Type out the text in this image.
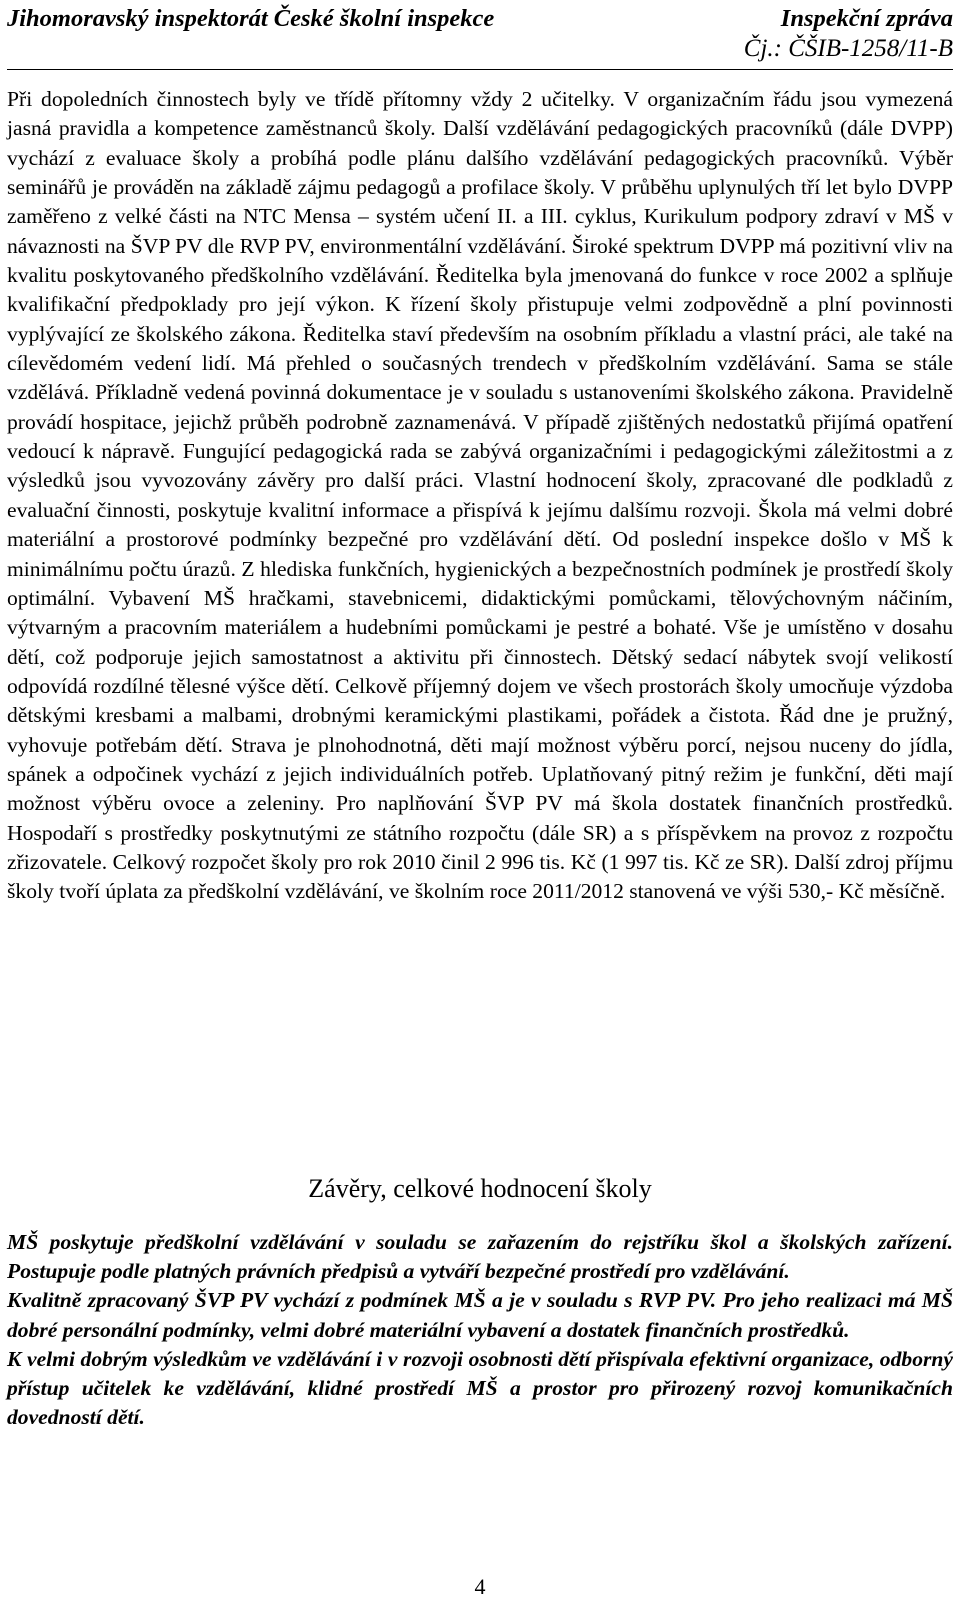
Jihomoravský inspektorát České školní inspekce	Inspekční zpráva
Čj.: ČŠIB-1258/11-B

Při dopoledních činnostech byly ve třídě přítomny vždy 2 učitelky. V organizačním řádu jsou vymezená jasná pravidla a kompetence zaměstnanců školy. Další vzdělávání pedagogických pracovníků (dále DVPP) vychází z evaluace školy a probíhá podle plánu dalšího vzdělávání pedagogických pracovníků. Výběr seminářů je prováděn na základě zájmu pedagogů a profilace školy. V průběhu uplynulých tří let bylo DVPP zaměřeno z velké části na NTC Mensa – systém učení II. a III. cyklus, Kurikulum podpory zdraví v MŠ v návaznosti na ŠVP PV dle RVP PV, environmentální vzdělávání. Široké spektrum DVPP má pozitivní vliv na kvalitu poskytovaného předškolního vzdělávání. Ředitelka byla jmenovaná do funkce v roce 2002 a splňuje kvalifikační předpoklady pro její výkon. K řízení školy přistupuje velmi zodpovědně a plní povinnosti vyplývající ze školského zákona. Ředitelka staví především na osobním příkladu a vlastní práci, ale také na cílevědomém vedení lidí. Má přehled o současných trendech v předškolním vzdělávání. Sama se stále vzdělává. Příkladně vedená povinná dokumentace je v souladu s ustanoveními školského zákona. Pravidelně provádí hospitace, jejichž průběh podrobně zaznamenává. V případě zjištěných nedostatků přijímá opatření vedoucí k nápravě. Fungující pedagogická rada se zabývá organizačními i pedagogickými záležitostmi a z výsledků jsou vyvozovány závěry pro další práci. Vlastní hodnocení školy, zpracované dle podkladů z evaluační činnosti, poskytuje kvalitní informace a přispívá k jejímu dalšímu rozvoji. Škola má velmi dobré materiální a prostorové podmínky bezpečné pro vzdělávání dětí. Od poslední inspekce došlo v MŠ k minimálnímu počtu úrazů. Z hlediska funkčních, hygienických a bezpečnostních podmínek je prostředí školy optimální. Vybavení MŠ hračkami, stavebnicemi, didaktickými pomůckami, tělovýchovným náčiním, výtvarným a pracovním materiálem a hudebními pomůckami je pestré a bohaté. Vše je umístěno v dosahu dětí, což podporuje jejich samostatnost a aktivitu při činnostech. Dětský sedací nábytek svojí velikostí odpovídá rozdílné tělesné výšce dětí. Celkově příjemný dojem ve všech prostorách školy umocňuje výzdoba dětskými kresbami a malbami, drobnými keramickými plastikami, pořádek a čistota. Řád dne je pružný, vyhovuje potřebám dětí. Strava je plnohodnotná, děti mají možnost výběru porcí, nejsou nuceny do jídla, spánek a odpočinek vychází z jejich individuálních potřeb. Uplatňovaný pitný režim je funkční, děti mají možnost výběru ovoce a zeleniny. Pro naplňování ŠVP PV má škola dostatek finančních prostředků. Hospodaří s prostředky poskytnutými ze státního rozpočtu (dále SR) a s příspěvkem na provoz z rozpočtu zřizovatele. Celkový rozpočet školy pro rok 2010 činil 2 996 tis. Kč (1 997 tis. Kč ze SR). Další zdroj příjmu školy tvoří úplata za předškolní vzdělávání, ve školním roce 2011/2012 stanovená ve výši 530,- Kč měsíčně.

Závěry, celkové hodnocení školy

MŠ poskytuje předškolní vzdělávání v souladu se zařazením do rejstříku škol a školských zařízení. Postupuje podle platných právních předpisů a vytváří bezpečné prostředí pro vzdělávání.

Kvalitně zpracovaný ŠVP PV vychází z podmínek MŠ a je v souladu s RVP PV. Pro jeho realizaci má MŠ dobré personální podmínky, velmi dobré materiální vybavení a dostatek finančních prostředků.

K velmi dobrým výsledkům ve vzdělávání i v rozvoji osobnosti dětí přispívala efektivní organizace, odborný přístup učitelek ke vzdělávání, klidné prostředí MŠ a prostor pro přirozený rozvoj komunikačních dovedností dětí.

4
